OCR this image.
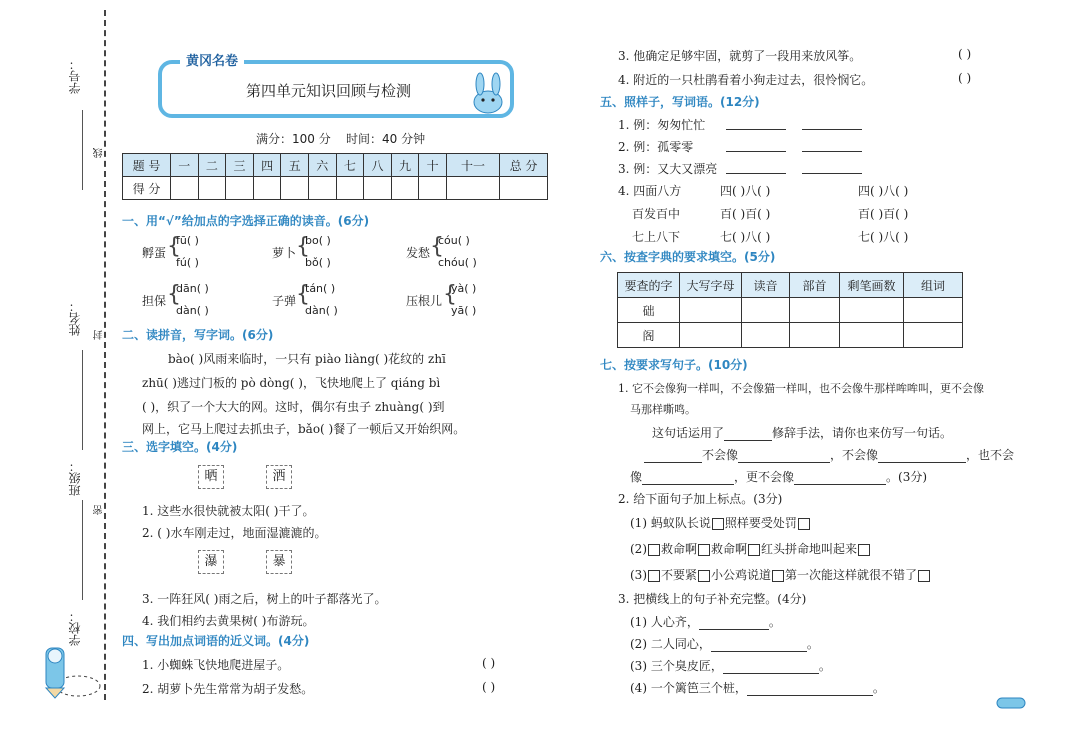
学号：
姓名：
班级：
学校：
线
封
密
黄冈名卷
第四单元知识回顾与检测
满分：100 分 时间：40 分钟
题 号	一	二	三	四	五	六	七	八	九	十	十一	总 分
得 分												
一、用“√”给加点的字选择正确的读音。(6分)
孵蛋 {
fū( )
fú( )
萝卜 {
bo( )
bǒ( )
发愁 {
cóu( )
chóu( )
担保 {
dān( )
dàn( )
子弹 {
tán( )
dàn( )
压根儿 {
yà( )
yā( )
二、读拼音，写字词。(6分)
bào( )风雨来临时，一只有 piào liàng( )花纹的 zhī
zhū( )逃过门板的 pò dòng( )，飞快地爬上了 qiáng bì
( )，织了一个大大的网。这时，偶尔有虫子 zhuàng( )到
网上，它马上爬过去抓虫子，bǎo( )餐了一顿后又开始织网。
三、选字填空。(4分)
晒	洒
1. 这些水很快就被太阳( )干了。
2. ( )水车刚走过，地面湿漉漉的。
瀑	暴
3. 一阵狂风( )雨之后，树上的叶子都落光了。
4. 我们相约去黄果树( )布游玩。
四、写出加点词语的近义词。(4分)
1. 小蜘蛛飞快地爬进屋子。	( )
2. 胡萝卜先生常常为胡子发愁。	( )
3. 他确定足够牢固，就剪了一段用来放风筝。	( )
4. 附近的一只杜鹃看着小狗走过去，很怜悯它。	( )
五、照样子，写词语。(12分)
1. 例：匆匆忙忙
2. 例：孤零零
3. 例：又大又漂亮
4. 四面八方	四( )八( )	四( )八( )
百发百中	百( )百( )	百( )百( )
七上八下	七( )八( )	七( )八( )
六、按查字典的要求填空。(5分)
要查的字	大写字母	读音	部首	剩笔画数	组词
础					
阁					
七、按要求写句子。(10分)
1. 它不会像狗一样叫，不会像猫一样叫，也不会像牛那样哞哞叫，更不会像
马那样嘶鸣。
这句话运用了	修辞手法，请你也来仿写一句话。
不会像	，不会像	，也不会
像	，更不会像	。(3分)
2. 给下面句子加上标点。(3分)
(1) 蚂蚁队长说 照样要受处罚
(2) 救命啊 救命啊 红头拼命地叫起来
(3) 不要紧 小公鸡说道 第一次能这样就很不错了
3. 把横线上的句子补充完整。(4分)
(1) 人心齐，	。
(2) 二人同心，	。
(3) 三个臭皮匠，	。
(4) 一个篱笆三个桩，	。
